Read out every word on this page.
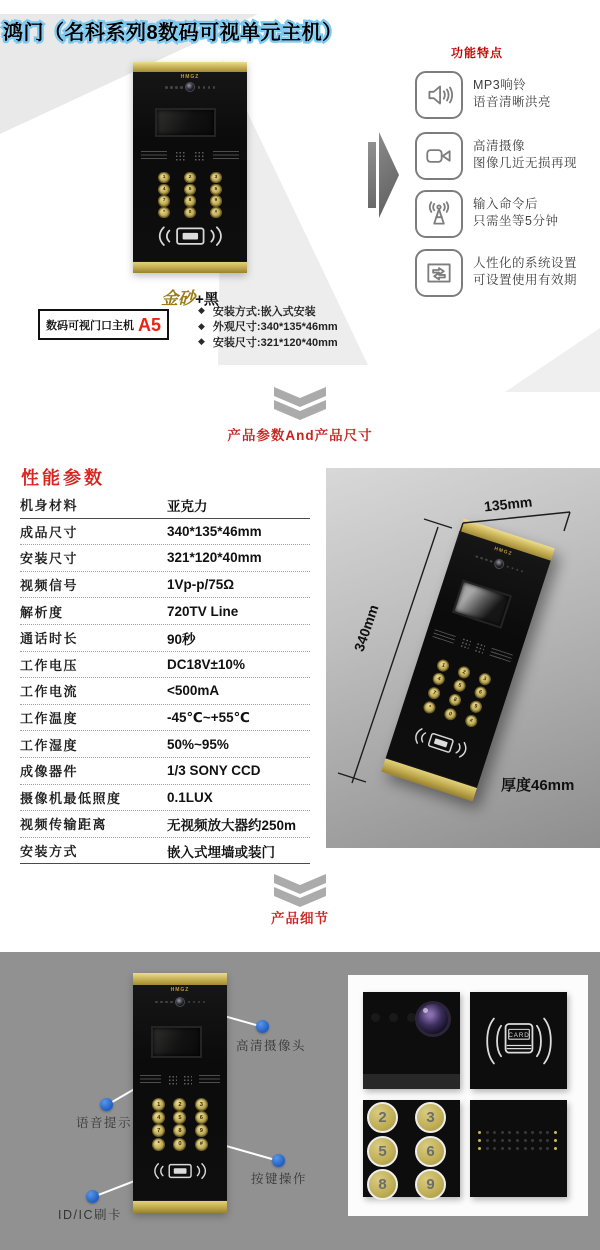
鸿门（名科系列8数码可视单元主机）
HMGZ
1	2	3
4	5	6
7	8	9
*	0	#
金砂+黑
数码可视门口主机 A5
◆ 安装方式:嵌入式安装
◆ 外观尺寸:340*135*46mm
◆ 安装尺寸:321*120*40mm
功能特点
MP3响铃
语音清晰洪亮
高清摄像
图像几近无损再现
输入命令后
只需坐等5分钟
人性化的系统设置
可设置使用有效期
产品参数And产品尺寸
性能参数
机身材料	亚克力
成品尺寸	340*135*46mm
安装尺寸	321*120*40mm
视频信号	1Vp-p/75Ω
解析度	720TV Line
通话时长	90秒
工作电压	DC18V±10%
工作电流	<500mA
工作温度	-45℃~+55℃
工作湿度	50%~95%
成像器件	1/3 SONY CCD
摄像机最低照度	0.1LUX
视频传输距离	无视频放大器约250m
安装方式	嵌入式埋墙或装门
HMGZ
1
2
3
4
5
6
7
8
9
*
0
#
135mm
340mm
厚度46mm
产品细节
HMGZ
1	2	3
4	5	6
7	8	9
*	0	#
高清摄像头
语音提示
按键操作
ID/IC刷卡
CARD
2	3
5	6
8	9
